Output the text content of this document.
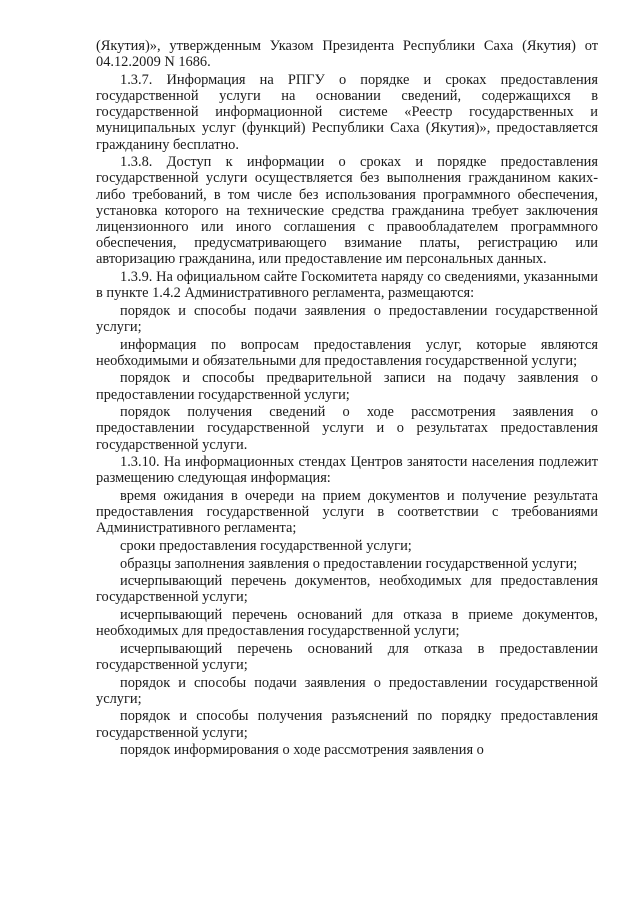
(Якутия)», утвержденным Указом Президента Республики Саха (Якутия) от 04.12.2009 N 1686.

1.3.7. Информация на РПГУ о порядке и сроках предоставления государственной услуги на основании сведений, содержащихся в государственной информационной системе «Реестр государственных и муниципальных услуг (функций) Республики Саха (Якутия)», предоставляется гражданину бесплатно.

1.3.8. Доступ к информации о сроках и порядке предоставления государственной услуги осуществляется без выполнения гражданином каких-либо требований, в том числе без использования программного обеспечения, установка которого на технические средства гражданина требует заключения лицензионного или иного соглашения с правообладателем программного обеспечения, предусматривающего взимание платы, регистрацию или авторизацию гражданина, или предоставление им персональных данных.

1.3.9. На официальном сайте Госкомитета наряду со сведениями, указанными в пункте 1.4.2 Административного регламента, размещаются:

порядок и способы подачи заявления о предоставлении государственной услуги;

информация по вопросам предоставления услуг, которые являются необходимыми и обязательными для предоставления государственной услуги;

порядок и способы предварительной записи на подачу заявления о предоставлении государственной услуги;

порядок получения сведений о ходе рассмотрения заявления о предоставлении государственной услуги и о результатах предоставления государственной услуги.

1.3.10. На информационных стендах Центров занятости населения подлежит размещению следующая информация:

время ожидания в очереди на прием документов и получение результата предоставления государственной услуги в соответствии с требованиями Административного регламента;

сроки предоставления государственной услуги;

образцы заполнения заявления о предоставлении государственной услуги;

исчерпывающий перечень документов, необходимых для предоставления государственной услуги;

исчерпывающий перечень оснований для отказа в приеме документов, необходимых для предоставления государственной услуги;

исчерпывающий перечень оснований для отказа в предоставлении государственной услуги;

порядок и способы подачи заявления о предоставлении государственной услуги;

порядок и способы получения разъяснений по порядку предоставления государственной услуги;

порядок информирования о ходе рассмотрения заявления о
